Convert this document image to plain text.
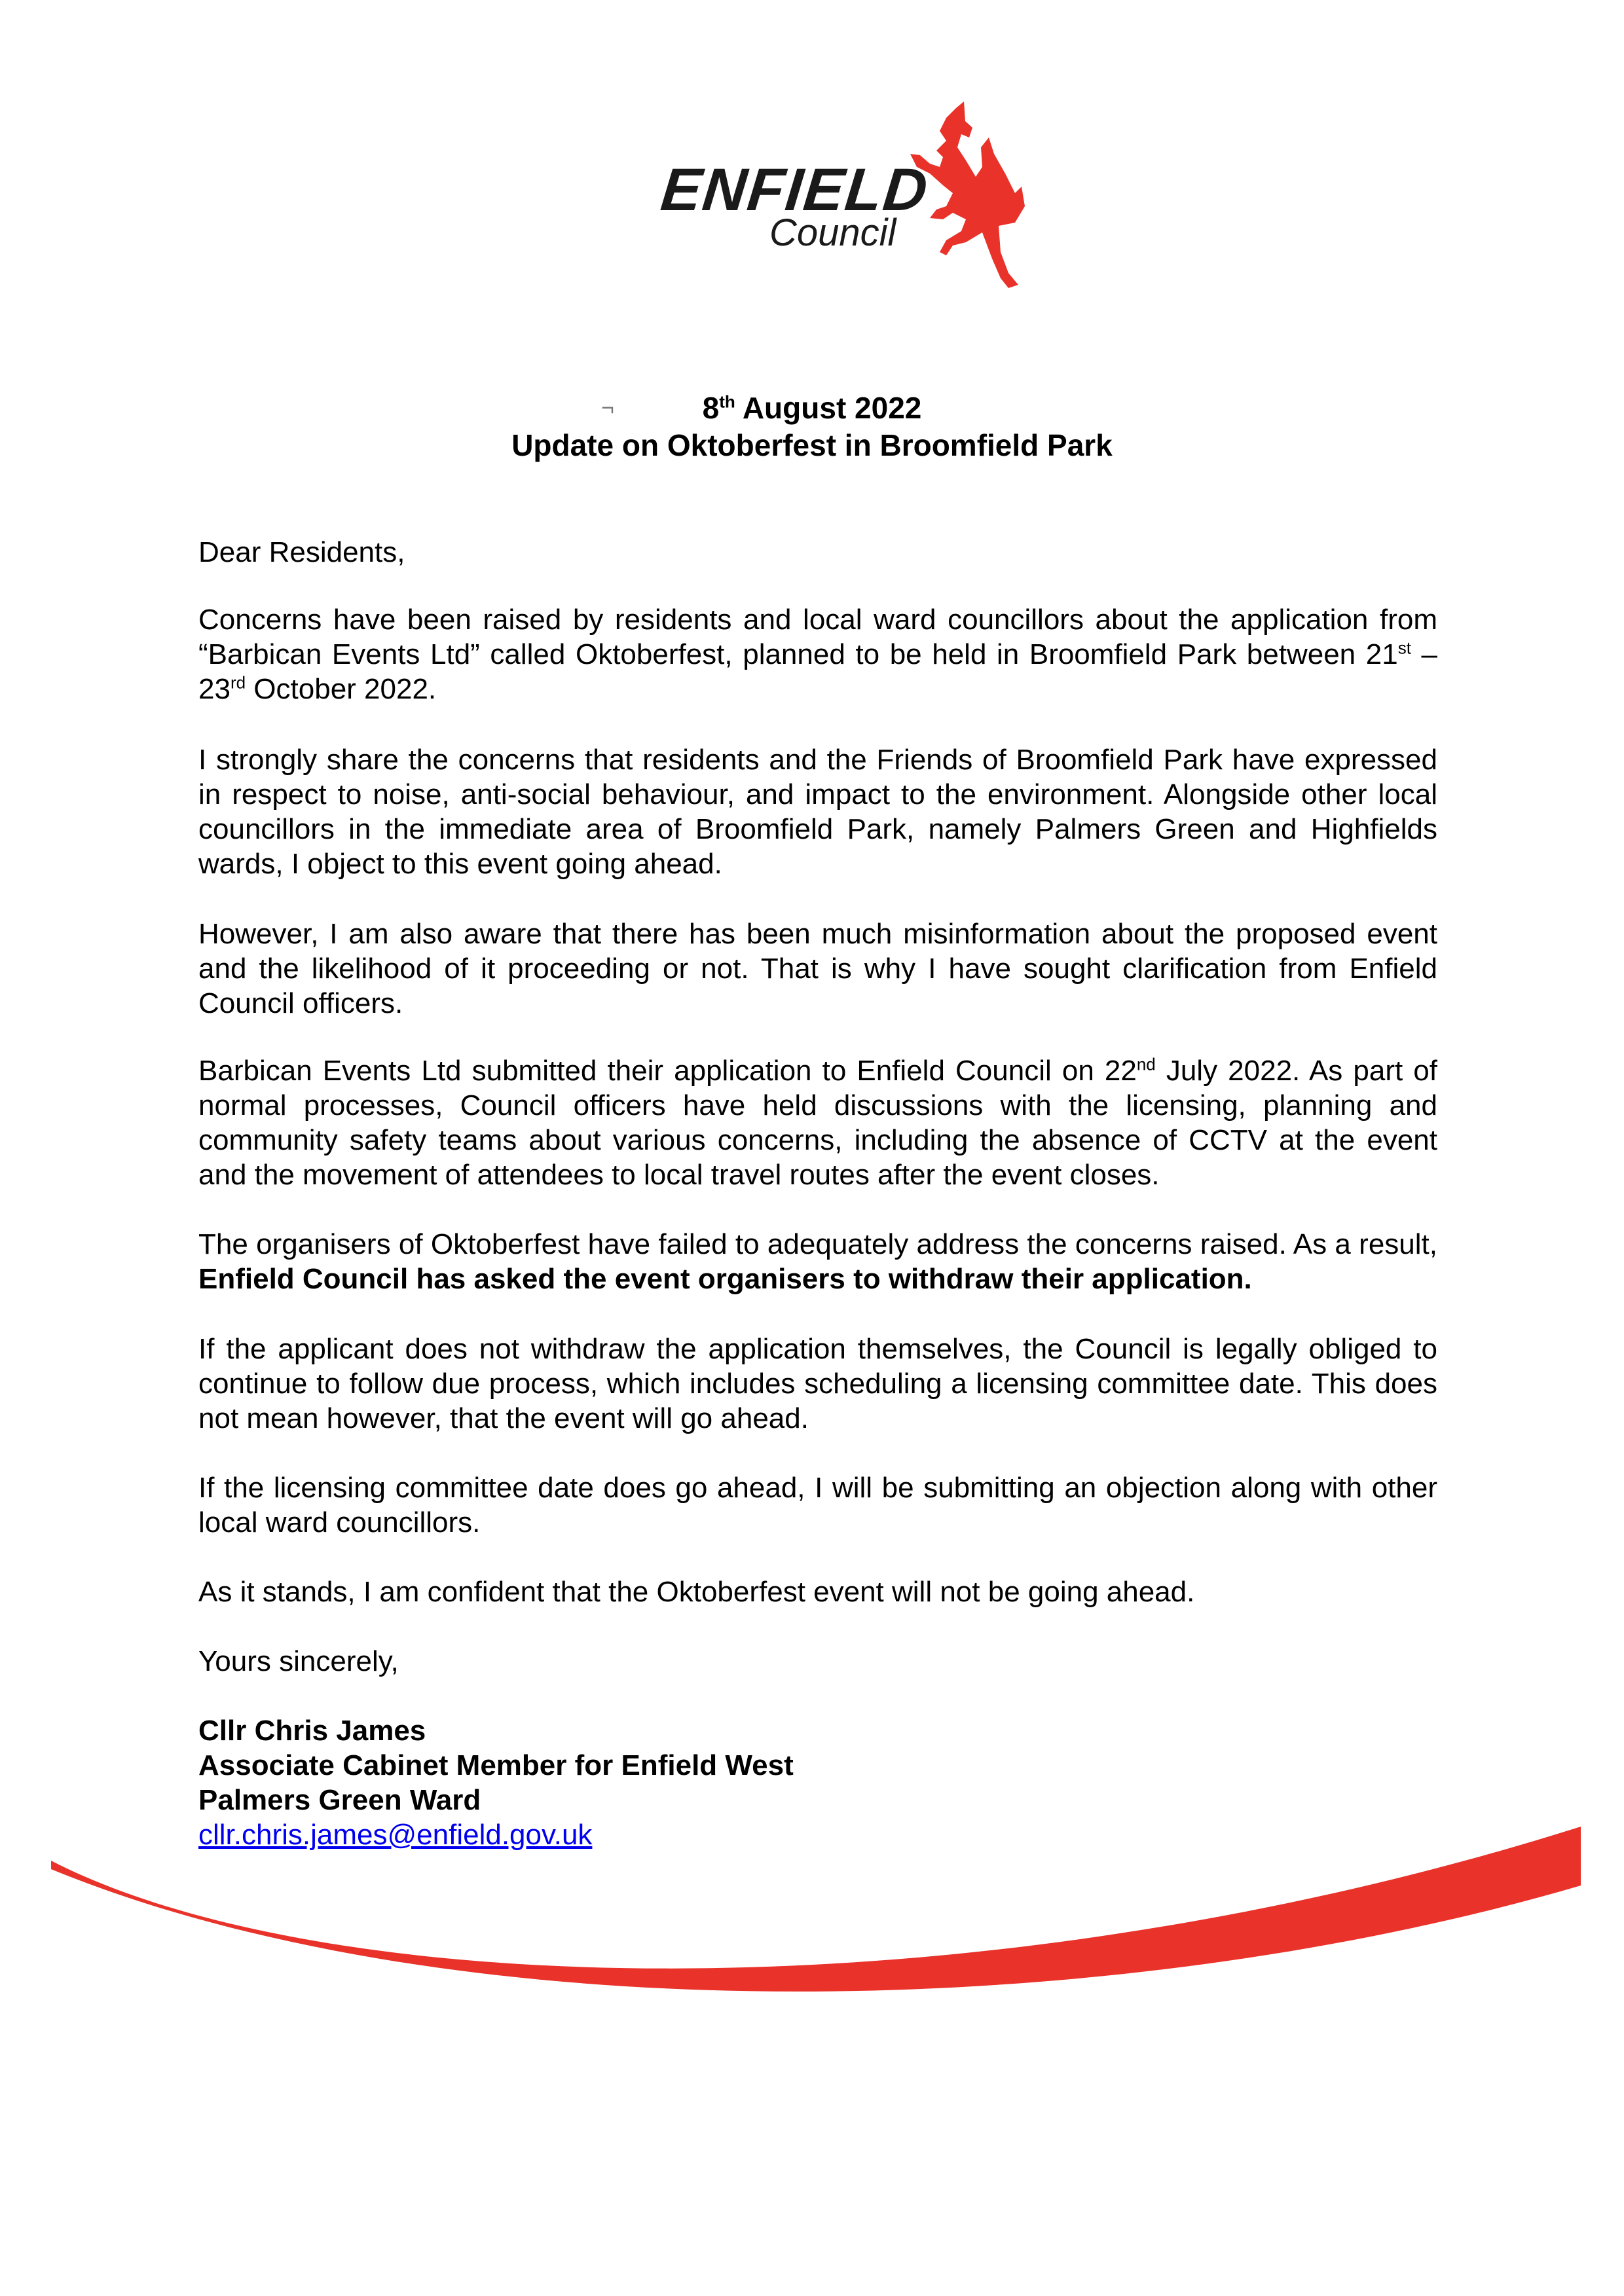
ENFIELD
Council
¬	8th August 2022
Update on Oktoberfest in Broomfield Park
Dear Residents,
Concerns have been raised by residents and local ward councillors about the application from “Barbican Events Ltd” called Oktoberfest, planned to be held in Broomfield Park between 21st – 23rd October 2022.
I strongly share the concerns that residents and the Friends of Broomfield Park have expressed in respect to noise, anti-social behaviour, and impact to the environment. Alongside other local councillors in the immediate area of Broomfield Park, namely Palmers Green and Highfields wards, I object to this event going ahead.
However, I am also aware that there has been much misinformation about the proposed event and the likelihood of it proceeding or not. That is why I have sought clarification from Enfield Council officers.
Barbican Events Ltd submitted their application to Enfield Council on 22nd July 2022. As part of normal processes, Council officers have held discussions with the licensing, planning and community safety teams about various concerns, including the absence of CCTV at the event and the movement of attendees to local travel routes after the event closes.
The organisers of Oktoberfest have failed to adequately address the concerns raised. As a result, Enfield Council has asked the event organisers to withdraw their application.
If the applicant does not withdraw the application themselves, the Council is legally obliged to continue to follow due process, which includes scheduling a licensing committee date. This does not mean however, that the event will go ahead.
If the licensing committee date does go ahead, I will be submitting an objection along with other local ward councillors.
As it stands, I am confident that the Oktoberfest event will not be going ahead.
Yours sincerely,
Cllr Chris James
Associate Cabinet Member for Enfield West
Palmers Green Ward
cllr.chris.james@enfield.gov.uk
